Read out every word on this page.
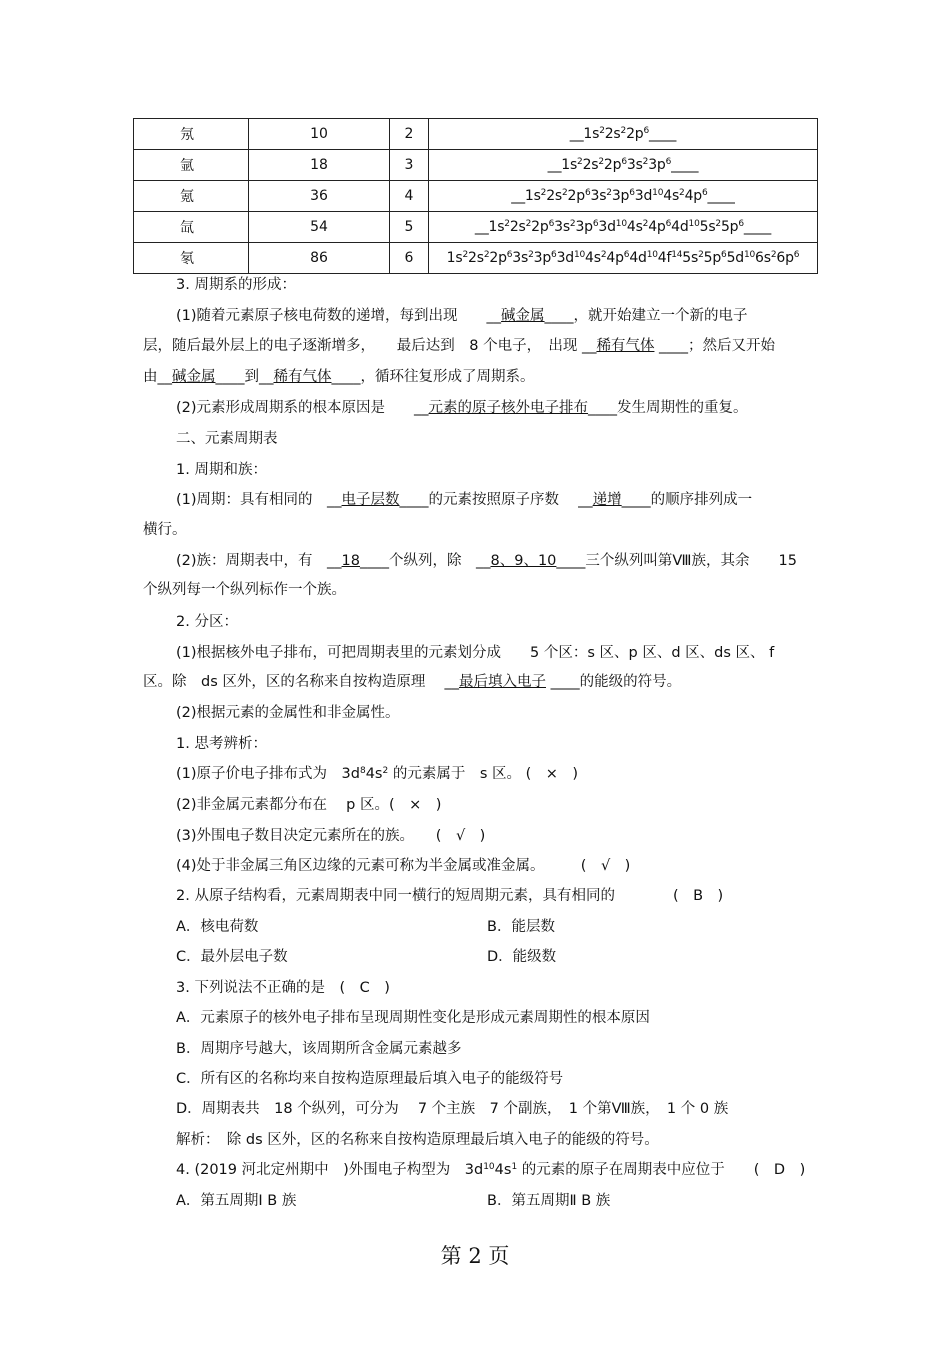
氖	10	2	$\_\_1s^22s^22p^6\_\_\_\_$
氩	18	3	$\_\_1s^22s^22p^63s^23p^6\_\_\_\_$
氪	36	4	$\_\_1s^22s^22p^63s^23p^63d^{10}4s^24p^6\_\_\_\_$
氙	54	5	$\_\_1s^22s^22p^63s^23p^63d^{10}4s^24p^64d^{10}5s^25p^6\_\_\_\_$
氡	86	6	$1s^22s^22p^63s^23p^63d^{10}4s^24p^64d^{10}4f^{14}5s^25p^65d^{10}6s^26p^6$
3. 周期系的形成：
(1)随着元素原子核电荷数的递增，每到出现　　__碱金属____，就开始建立一个新的电子
层，随后最外层上的电子逐渐增多，　　最后达到　8 个电子，　出现 __稀有气体 ____；然后又开始
由__碱金属____到__稀有气体____，循环往复形成了周期系。
(2)元素形成周期系的根本原因是　　__元素的原子核外电子排布____发生周期性的重复。
二、元素周期表
1. 周期和族：
(1)周期：具有相同的　__电子层数____的元素按照原子序数　 __递增____的顺序排列成一
横行。
(2)族：周期表中，有　__18____个纵列，除　__8、9、10____三个纵列叫第Ⅷ族，其余　　15
个纵列每一个纵列标作一个族。
2. 分区：
(1)根据核外电子排布，可把周期表里的元素划分成　　5 个区：s 区、p 区、d 区、ds 区、 f
区。除　ds 区外，区的名称来自按构造原理　 __最后填入电子 ____的能级的符号。
(2)根据元素的金属性和非金属性。
1. 思考辨析：
(1)原子价电子排布式为　$3d^84s^2$ 的元素属于　s 区。 (　×　)
(2)非金属元素都分布在　 p 区。(　×　)
(3)外围电子数目决定元素所在的族。　　(　√　)
(4)处于非金属三角区边缘的元素可称为半金属或准金属。　　　(　√　)
2. 从原子结构看，元素周期表中同一横行的短周期元素，具有相同的　　　　(　B　)
A．核电荷数	B．能层数
C．最外层电子数	D．能级数
3. 下列说法不正确的是　(　C　)
A．元素原子的核外电子排布呈现周期性变化是形成元素周期性的根本原因
B．周期序号越大，该周期所含金属元素越多
C．所有区的名称均来自按构造原理最后填入电子的能级符号
D．周期表共　18 个纵列，可分为　 7 个主族　7 个副族，　1 个第Ⅷ族，　1 个 0 族
解析：　除 ds 区外，区的名称来自按构造原理最后填入电子的能级的符号。
4. (2019 河北定州期中　)外围电子构型为　$3d^{10}4s^1$ 的元素的原子在周期表中应位于　　(　D　)
A．第五周期Ⅰ B 族	B．第五周期Ⅱ B 族
第 2 页
